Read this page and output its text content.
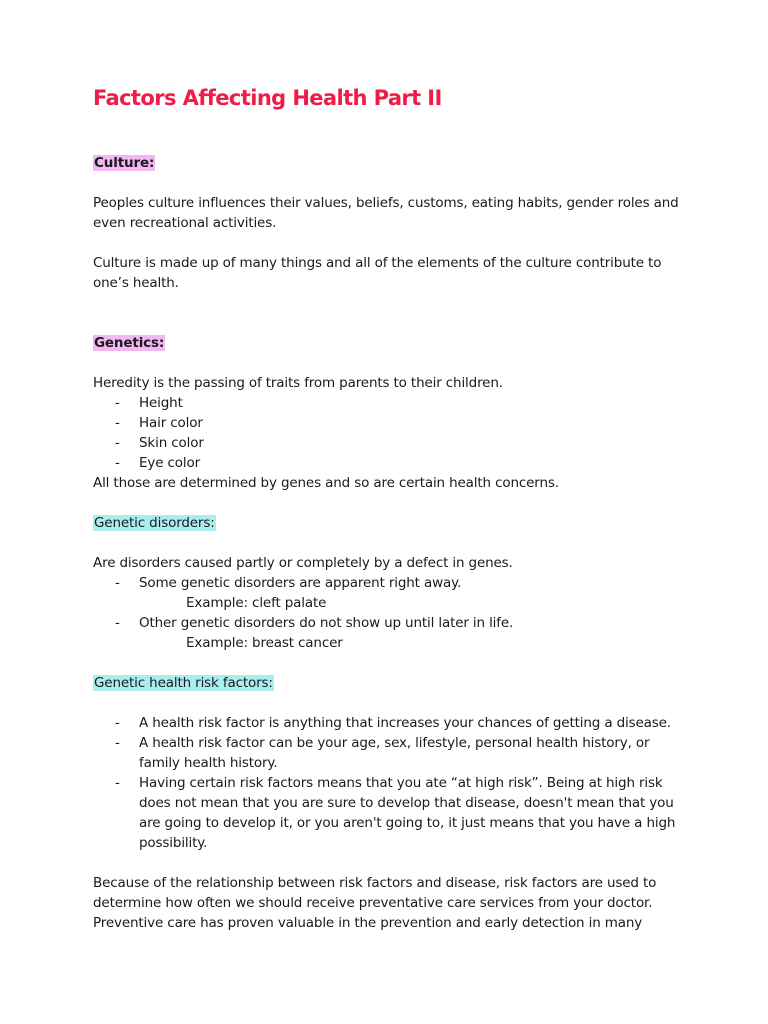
Factors Affecting Health Part II

Culture:

Peoples culture influences their values, beliefs, customs, eating habits, gender roles and even recreational activities.

Culture is made up of many things and all of the elements of the culture contribute to one’s health.

Genetics:

Heredity is the passing of traits from parents to their children.

- Height

- Hair color

- Skin color

- Eye color

All those are determined by genes and so are certain health concerns.

Genetic disorders:

Are disorders caused partly or completely by a defect in genes.

- Some genetic disorders are apparent right away.

Example: cleft palate

- Other genetic disorders do not show up until later in life.

Example: breast cancer

Genetic health risk factors:

- A health risk factor is anything that increases your chances of getting a disease.

- A health risk factor can be your age, sex, lifestyle, personal health history, or family health history.

- Having certain risk factors means that you ate “at high risk”. Being at high risk does not mean that you are sure to develop that disease, doesn't mean that you are going to develop it, or you aren't going to, it just means that you have a high possibility.

Because of the relationship between risk factors and disease, risk factors are used to determine how often we should receive preventative care services from your doctor. Preventive care has proven valuable in the prevention and early detection in many
